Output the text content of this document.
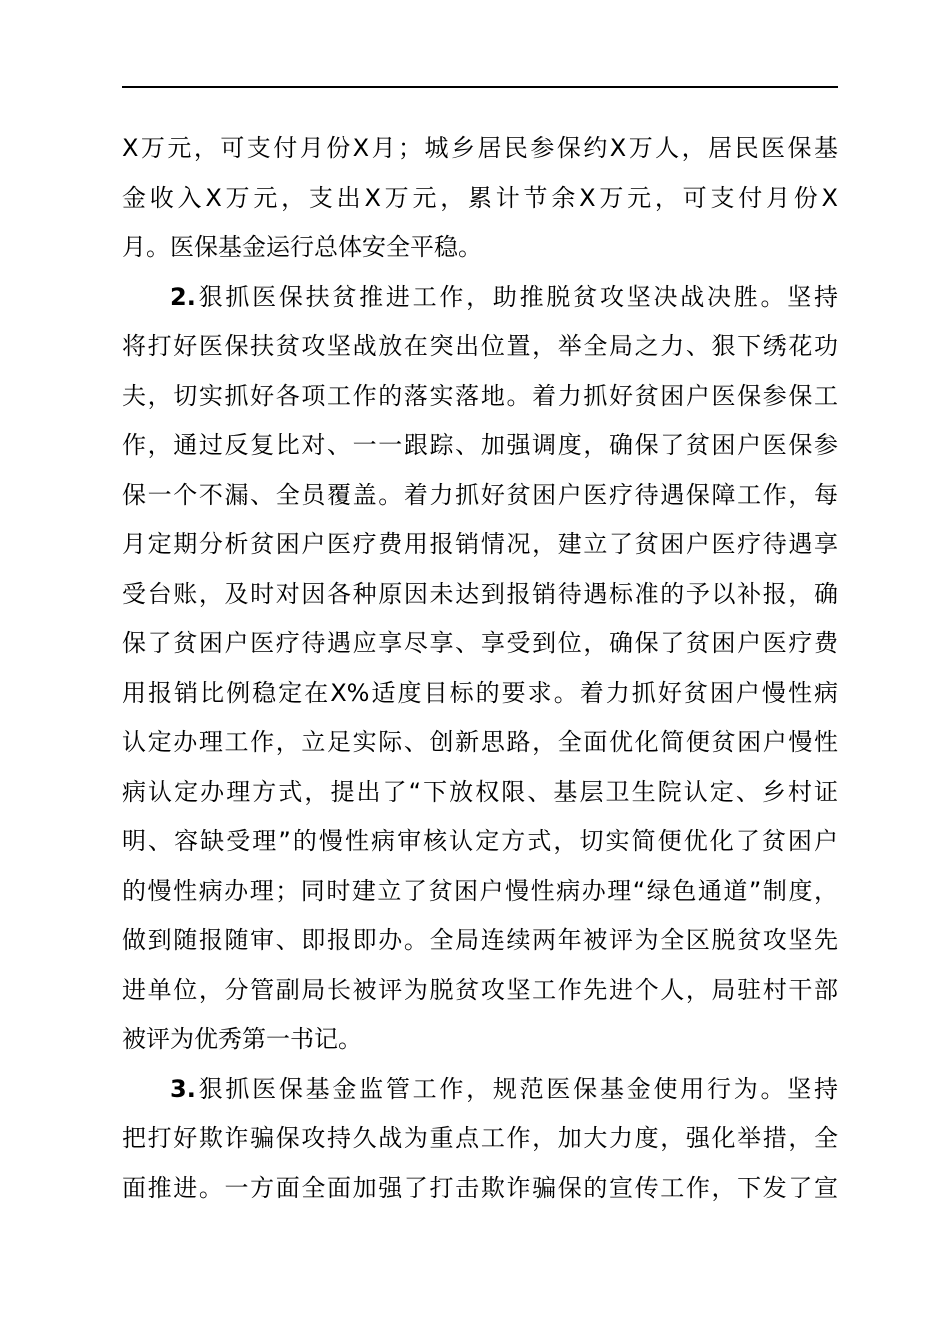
X万元，可支付月份X月；城乡居民参保约X万人，居民医保基
金收入X万元，支出X万元，累计节余X万元，可支付月份X
月。医保基金运行总体安全平稳。
2.狠抓医保扶贫推进工作，助推脱贫攻坚决战决胜。坚持
将打好医保扶贫攻坚战放在突出位置，举全局之力、狠下绣花功
夫，切实抓好各项工作的落实落地。着力抓好贫困户医保参保工
作，通过反复比对、一一跟踪、加强调度，确保了贫困户医保参
保一个不漏、全员覆盖。着力抓好贫困户医疗待遇保障工作，每
月定期分析贫困户医疗费用报销情况，建立了贫困户医疗待遇享
受台账，及时对因各种原因未达到报销待遇标准的予以补报，确
保了贫困户医疗待遇应享尽享、享受到位，确保了贫困户医疗费
用报销比例稳定在X%适度目标的要求。着力抓好贫困户慢性病
认定办理工作，立足实际、创新思路，全面优化简便贫困户慢性
病认定办理方式，提出了“下放权限、基层卫生院认定、乡村证
明、容缺受理”的慢性病审核认定方式，切实简便优化了贫困户
的慢性病办理；同时建立了贫困户慢性病办理“绿色通道”制度，
做到随报随审、即报即办。全局连续两年被评为全区脱贫攻坚先
进单位，分管副局长被评为脱贫攻坚工作先进个人，局驻村干部
被评为优秀第一书记。
3.狠抓医保基金监管工作，规范医保基金使用行为。坚持
把打好欺诈骗保攻持久战为重点工作，加大力度，强化举措，全
面推进。一方面全面加强了打击欺诈骗保的宣传工作，下发了宣
